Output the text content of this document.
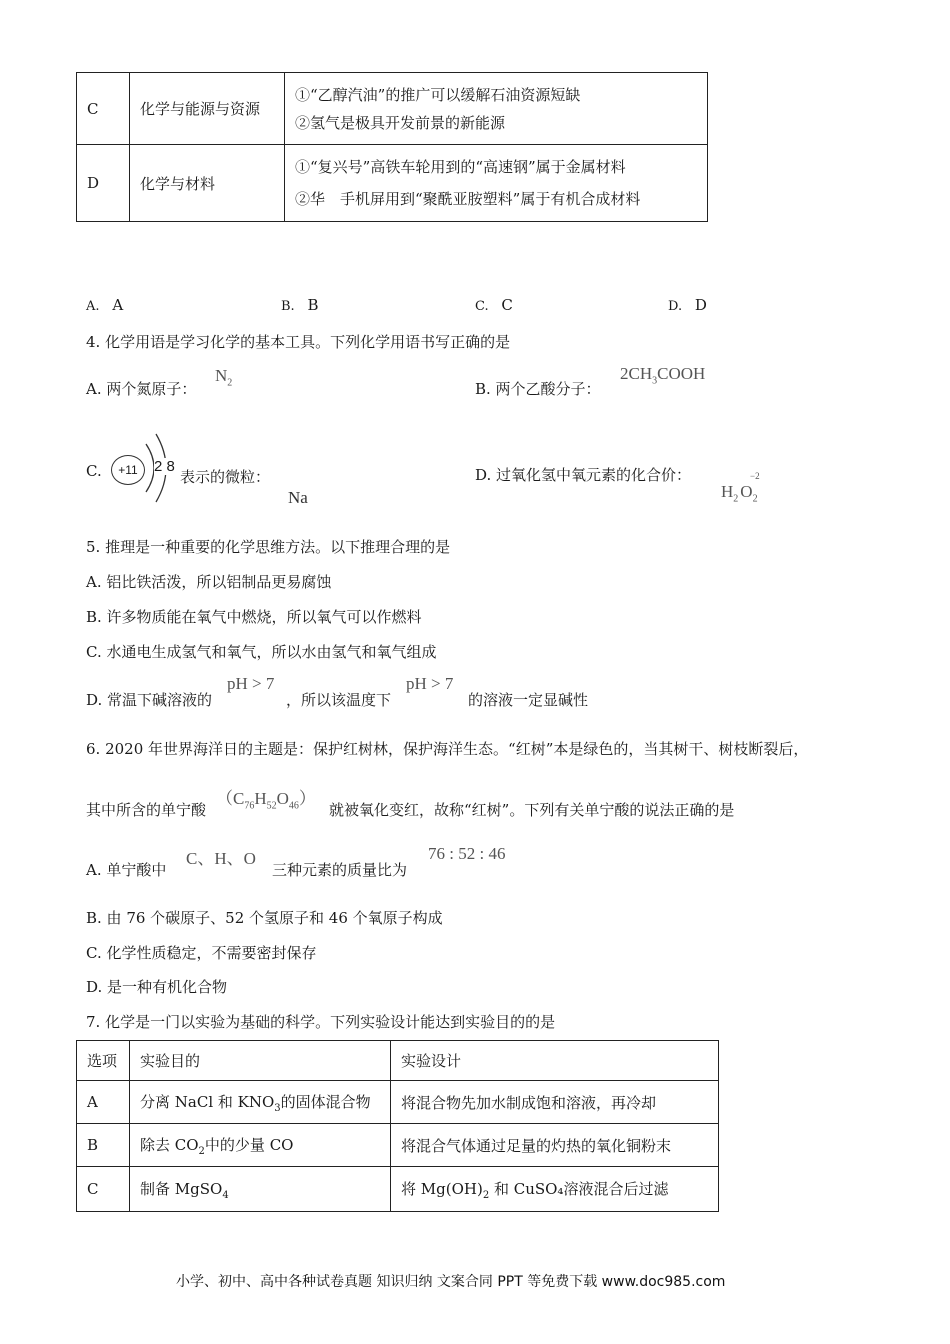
C	化学与能源与资源	①“乙醇汽油”的推广可以缓解石油资源短缺
②氢气是极具开发前景的新能源

D	化学与材料	①“复兴号”高铁车轮用到的“高速钢”属于金属材料
②华　手机屏用到“聚酰亚胺塑料”属于有机合成材料
A. A	B. B	C. C	D. D
4. 化学用语是学习化学的基本工具。下列化学用语书写正确的是
A. 两个氮原子：
$N_2$	B. 两个乙酸分子：
$2CH_3COOH$
C.	+11	2 8
表示的微粒：
Na
D. 过氧化氢中氧元素的化合价：	−2
$H_2$ $O_2$
5. 推理是一种重要的化学思维方法。以下推理合理的是
A. 铝比铁活泼，所以铝制品更易腐蚀
B. 许多物质能在氧气中燃烧，所以氧气可以作燃料
C. 水通电生成氢气和氧气，所以水由氢气和氧气组成
D. 常温下碱溶液的
pH > 7
，所以该温度下
pH > 7
的溶液一定显碱性
6. 2020 年世界海洋日的主题是：保护红树林，保护海洋生态。“红树”本是绿色的，当其树干、树枝断裂后，
其中所含的单宁酸
$(C_{76}H_{52}O_{46})$
就被氧化变红，故称“红树”。下列有关单宁酸的说法正确的是
A. 单宁酸中
C、H、O
三种元素的质量比为
76 : 52 : 46
B. 由 76 个碳原子、52 个氢原子和 46 个氧原子构成
C. 化学性质稳定，不需要密封保存
D. 是一种有机化合物
7. 化学是一门以实验为基础的科学。下列实验设计能达到实验目的的是
选项	实验目的	实验设计
A	分离 NaCl 和 $KNO_3$的固体混合物	将混合物先加水制成饱和溶液，再冷却
B	除去 $CO_2$中的少量 CO	将混合气体通过足量的灼热的氧化铜粉末
C	制备 MgSO$_4$	将 $Mg(OH)_2$ 和 CuSO₄溶液混合后过滤
小学、初中、高中各种试卷真题 知识归纳 文案合同 PPT 等免费下载 www.doc985.com
